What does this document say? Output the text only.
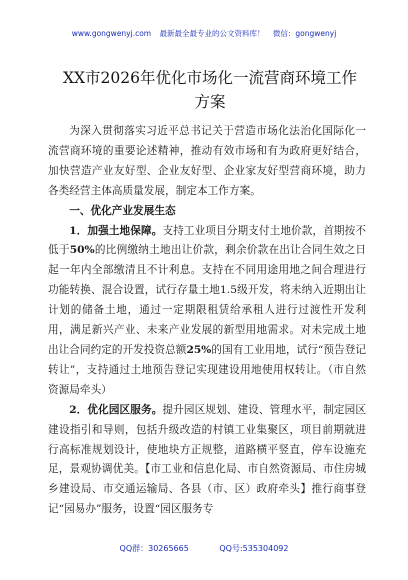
www.gongwenyj.com 最新最全最专业的公文资料库！ 微信：gongwenyj
XX市2026年优化市场化一流营商环境工作方案

为深入贯彻落实习近平总书记关于营造市场化法治化国际化一流营商环境的重要论述精神，推动有效市场和有为政府更好结合，加快营造产业友好型、企业友好型、企业家友好型营商环境，助力各类经营主体高质量发展，制定本工作方案。

一、优化产业发展生态

1．加强土地保障。支持工业项目分期支付土地价款，首期按不低于50%的比例缴纳土地出让价款，剩余价款在出让合同生效之日起一年内全部缴清且不计利息。支持在不同用途用地之间合理进行功能转换、混合设置，试行存量土地1.5级开发，将未纳入近期出让计划的储备土地，通过一定期限租赁给承租人进行过渡性开发利用，满足新兴产业、未来产业发展的新型用地需求。对未完成土地出让合同约定的开发投资总额25%的国有工业用地，试行“预告登记转让”，支持通过土地预告登记实现建设用地使用权转让。（市自然资源局牵头）

2．优化园区服务。提升园区规划、建设、管理水平，制定园区建设指引和导则，包括升级改造的村镇工业集聚区，项目前期就进行高标准规划设计，使地块方正规整，道路横平竖直，停车设施充足，景观协调优美。【市工业和信息化局、市自然资源局、市住房城乡建设局、市交通运输局、各县（市、区）政府牵头】推行商事登记“园易办”服务，设置“园区服务专

QQ群：30265665	QQ号:535304092
